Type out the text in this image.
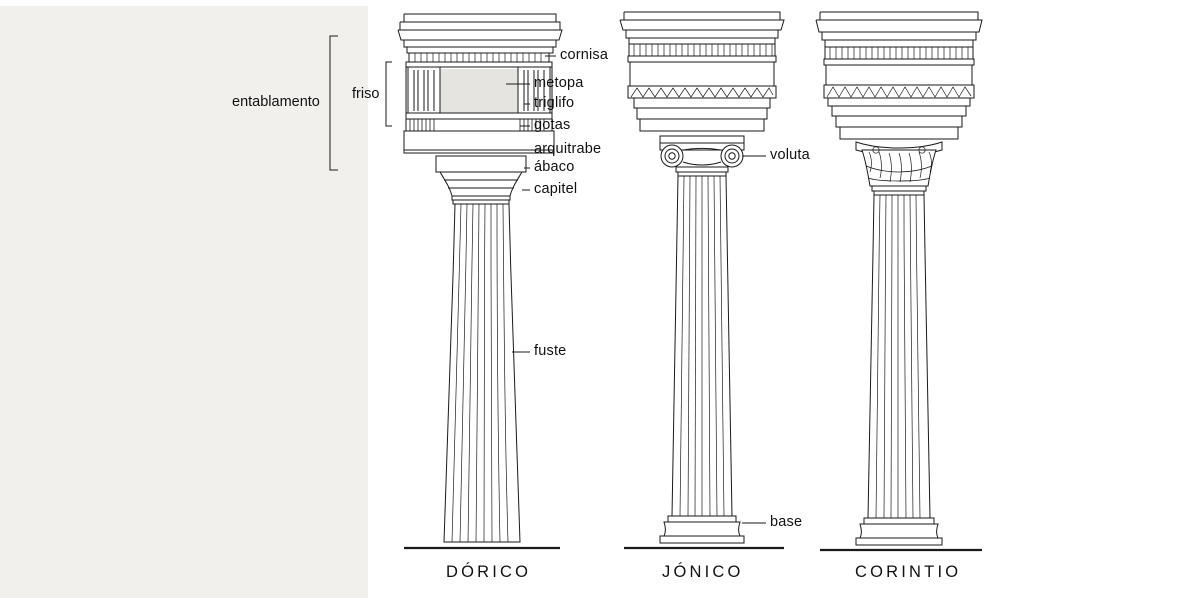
entablamento friso
cornisa
metopa
triglifo
gotas
arquitrabe
ábaco
capitel
fuste
voluta
base
DÓRICO	JÓNICO	CORINTIO
